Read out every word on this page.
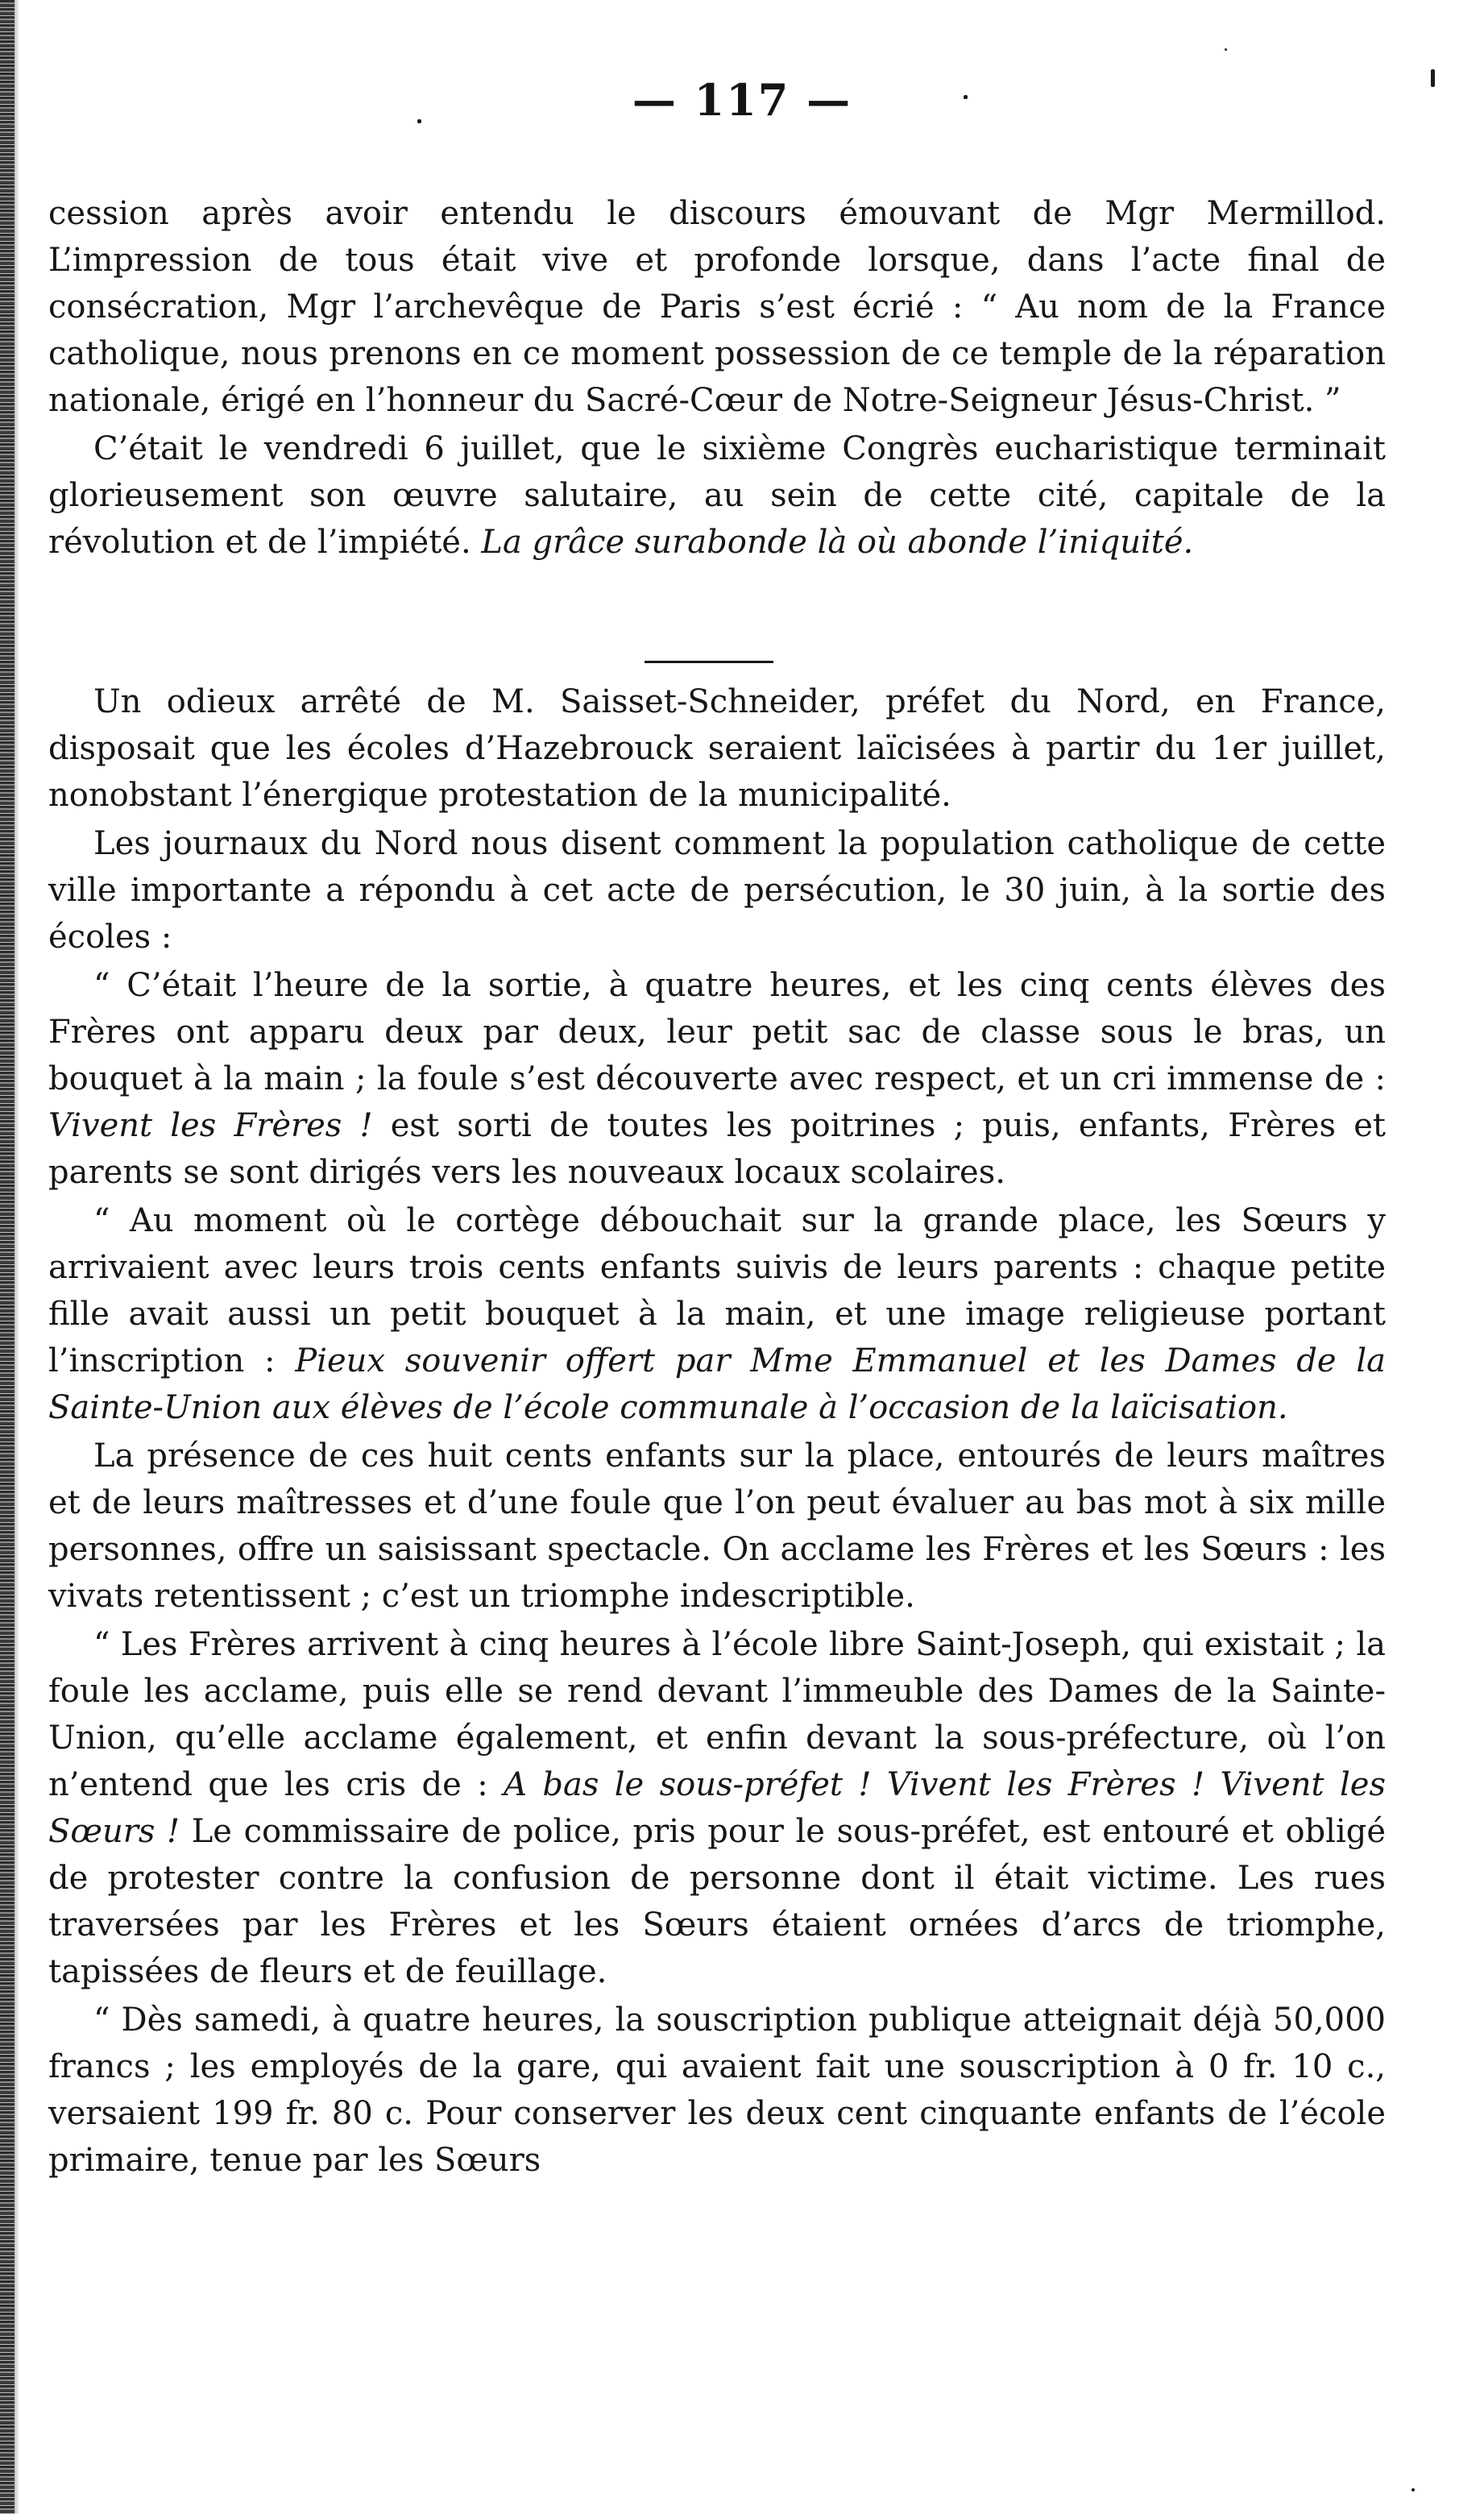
— 117 —

cession après avoir entendu le discours émouvant de Mgr Mermillod. L’impression de tous était vive et profonde lorsque, dans l’acte final de consécration, Mgr l’archevêque de Paris s’est écrié : “ Au nom de la France catholique, nous prenons en ce moment possession de ce temple de la réparation nationale, érigé en l’honneur du Sacré-Cœur de Notre-Seigneur Jésus-Christ. ”

C’était le vendredi 6 juillet, que le sixième Congrès eucharistique terminait glorieusement son œuvre salutaire, au sein de cette cité, capitale de la révolution et de l’impiété. La grâce surabonde là où abonde l’iniquité.

Un odieux arrêté de M. Saisset-Schneider, préfet du Nord, en France, disposait que les écoles d’Hazebrouck seraient laïcisées à partir du 1er juillet, nonobstant l’énergique protestation de la municipalité.

Les journaux du Nord nous disent comment la population catholique de cette ville importante a répondu à cet acte de persécution, le 30 juin, à la sortie des écoles :

“ C’était l’heure de la sortie, à quatre heures, et les cinq cents élèves des Frères ont apparu deux par deux, leur petit sac de classe sous le bras, un bouquet à la main ; la foule s’est découverte avec respect, et un cri immense de : Vivent les Frères ! est sorti de toutes les poitrines ; puis, enfants, Frères et parents se sont dirigés vers les nouveaux locaux scolaires.

“ Au moment où le cortège débouchait sur la grande place, les Sœurs y arrivaient avec leurs trois cents enfants suivis de leurs parents : chaque petite fille avait aussi un petit bouquet à la main, et une image religieuse portant l’inscription : Pieux souvenir offert par Mme Emmanuel et les Dames de la Sainte-Union aux élèves de l’école communale à l’occasion de la laïcisation.

La présence de ces huit cents enfants sur la place, entourés de leurs maîtres et de leurs maîtresses et d’une foule que l’on peut évaluer au bas mot à six mille personnes, offre un saisissant spectacle. On acclame les Frères et les Sœurs : les vivats retentissent ; c’est un triomphe indescriptible.

“ Les Frères arrivent à cinq heures à l’école libre Saint-Joseph, qui existait ; la foule les acclame, puis elle se rend devant l’immeuble des Dames de la Sainte-Union, qu’elle acclame également, et enfin devant la sous-préfecture, où l’on n’entend que les cris de : A bas le sous-préfet ! Vivent les Frères ! Vivent les Sœurs ! Le commissaire de police, pris pour le sous-préfet, est entouré et obligé de protester contre la confusion de personne dont il était victime. Les rues traversées par les Frères et les Sœurs étaient ornées d’arcs de triomphe, tapissées de fleurs et de feuillage.

“ Dès samedi, à quatre heures, la souscription publique atteignait déjà 50,000 francs ; les employés de la gare, qui avaient fait une souscription à 0 fr. 10 c., versaient 199 fr. 80 c. Pour conserver les deux cent cinquante enfants de l’école primaire, tenue par les Sœurs
